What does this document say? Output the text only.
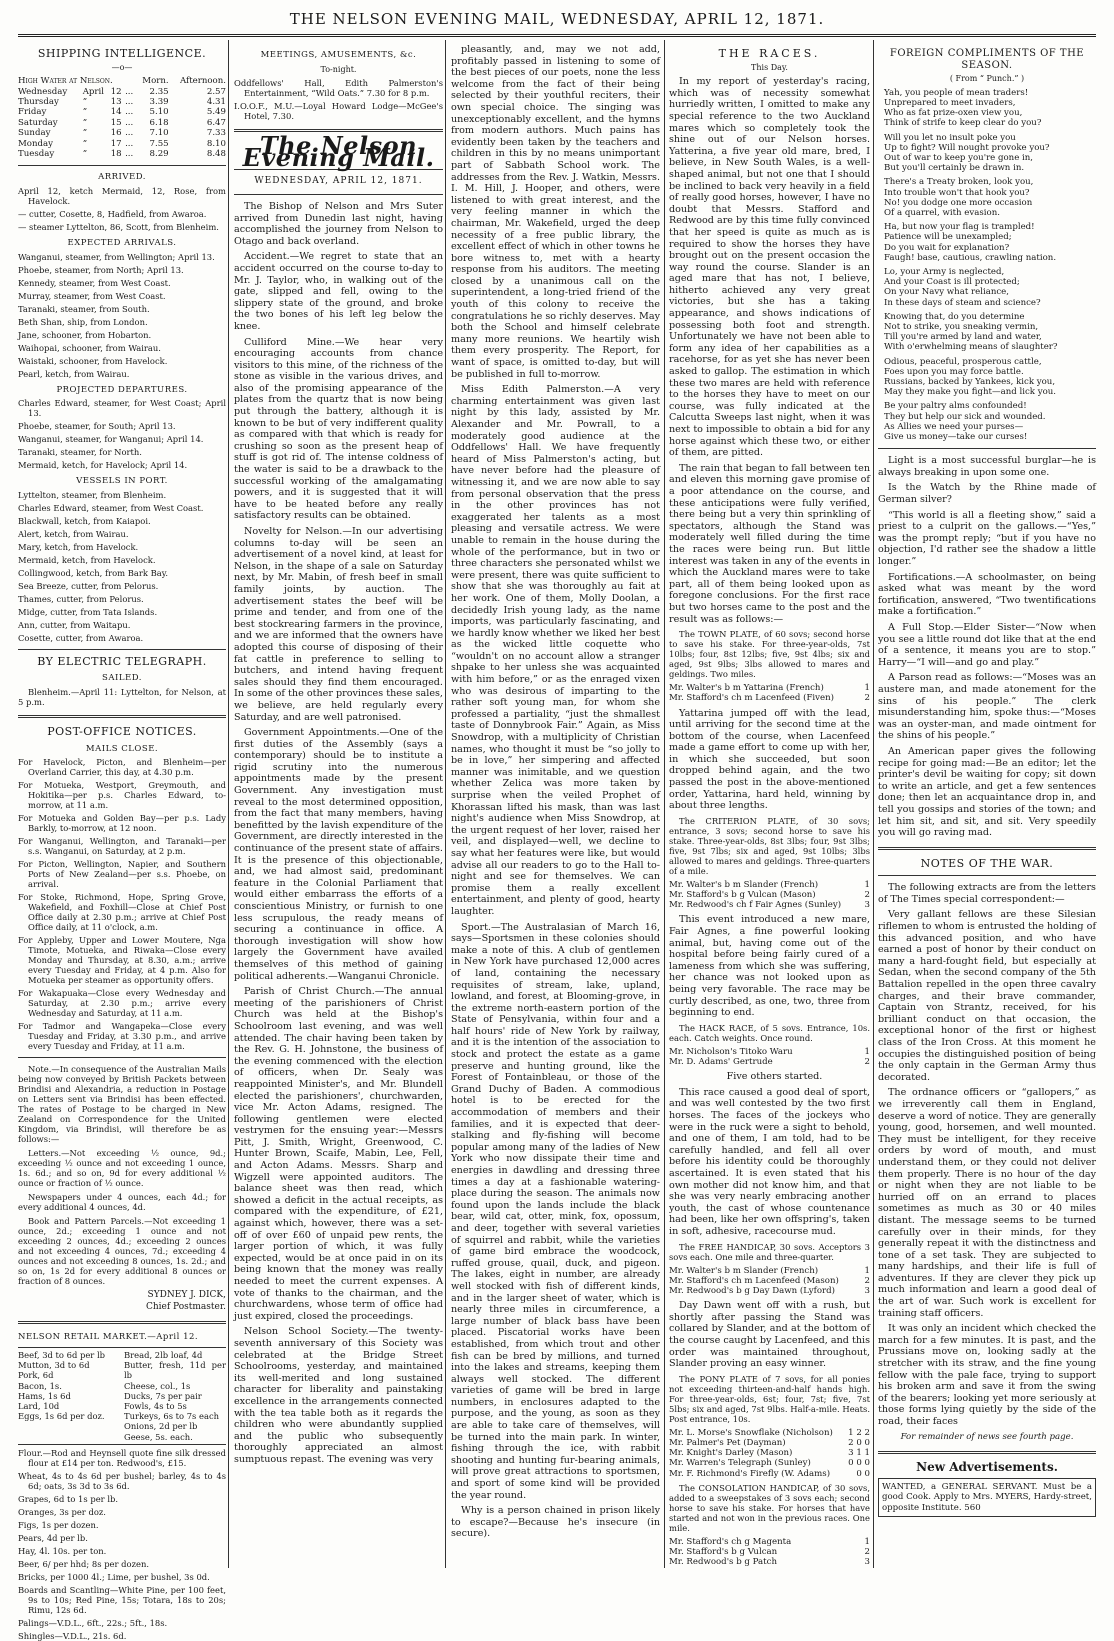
THE NELSON EVENING MAIL, WEDNESDAY, APRIL 12, 1871.
SHIPPING INTELLIGENCE.
—o—
High Water at Nelson.				Morn.	Afternoon.
Wednesday	April	12	...	2.35	2.57
Thursday	”	13	...	3.39	4.31
Friday	”	14	...	5.10	5.49
Saturday	”	15	...	6.18	6.47
Sunday	”	16	...	7.10	7.33
Monday	”	17	...	7.55	8.10
Tuesday	”	18	...	8.29	8.48
ARRIVED.
April 12, ketch Mermaid, 12, Rose, from Havelock.
— cutter, Cosette, 8, Hadfield, from Awaroa.
— steamer Lyttelton, 86, Scott, from Blenheim.
EXPECTED ARRIVALS.
Wanganui, steamer, from Wellington; April 13.
Phoebe, steamer, from North; April 13.
Kennedy, steamer, from West Coast.
Murray, steamer, from West Coast.
Taranaki, steamer, from South.
Beth Shan, ship, from London.
Jane, schooner, from Hobarton.
Waihopai, schooner, from Wairau.
Waistaki, schooner, from Havelock.
Pearl, ketch, from Wairau.
PROJECTED DEPARTURES.
Charles Edward, steamer, for West Coast; April 13.
Phoebe, steamer, for South; April 13.
Wanganui, steamer, for Wanganui; April 14.
Taranaki, steamer, for North.
Mermaid, ketch, for Havelock; April 14.
VESSELS IN PORT.
Lyttelton, steamer, from Blenheim.
Charles Edward, steamer, from West Coast.
Blackwall, ketch, from Kaiapoi.
Alert, ketch, from Wairau.
Mary, ketch, from Havelock.
Mermaid, ketch, from Havelock.
Collingwood, ketch, from Bark Bay.
Sea Breeze, cutter, from Pelorus.
Thames, cutter, from Pelorus.
Midge, cutter, from Tata Islands.
Ann, cutter, from Waitapu.
Cosette, cutter, from Awaroa.
BY ELECTRIC TELEGRAPH.
SAILED.

Blenheim.—April 11: Lyttelton, for Nelson, at 5 p.m.

POST-OFFICE NOTICES.
MAILS CLOSE.
For Havelock, Picton, and Blenheim—per Overland Carrier, this day, at 4.30 p.m.
For Motueka, Westport, Greymouth, and Hokitika—per p.s. Charles Edward, to-morrow, at 11 a.m.
For Motueka and Golden Bay—per p.s. Lady Barkly, to-morrow, at 12 noon.
For Wanganui, Wellington, and Taranaki—per s.s. Wanganui, on Saturday, at 2 p.m.
For Picton, Wellington, Napier, and Southern Ports of New Zealand—per s.s. Phoebe, on arrival.
For Stoke, Richmond, Hope, Spring Grove, Wakefield, and Foxhill—Close at Chief Post Office daily at 2.30 p.m.; arrive at Chief Post Office daily, at 11 o'clock, a.m.
For Appleby, Upper and Lower Moutere, Nga Timote, Motueka, and Riwaka—Close every Monday and Thursday, at 8.30, a.m.; arrive every Tuesday and Friday, at 4 p.m. Also for Motueka per steamer as opportunity offers.
For Wakapuaka—Close every Wednesday and Saturday, at 2.30 p.m.; arrive every Wednesday and Saturday, at 11 a.m.
For Tadmor and Wangapeka—Close every Tuesday and Friday, at 3.30 p.m., and arrive every Tuesday and Friday, at 11 a.m.

Note.—In consequence of the Australian Mails being now conveyed by British Packets between Brindisi and Alexandria, a reduction in Postage on Letters sent via Brindisi has been effected. The rates of Postage to be charged in New Zealand on Correspondence for the United Kingdom, via Brindisi, will therefore be as follows:—

Letters.—Not exceeding ½ ounce, 9d.; exceeding ½ ounce and not exceeding 1 ounce, 1s. 6d.; and so on, 9d for every additional ½ ounce or fraction of ½ ounce.

Newspapers under 4 ounces, each 4d.; for every additional 4 ounces, 4d.

Book and Pattern Parcels.—Not exceeding 1 ounce, 2d.; exceeding 1 ounce and not exceeding 2 ounces, 4d.; exceeding 2 ounces and not exceeding 4 ounces, 7d.; exceeding 4 ounces and not exceeding 8 ounces, 1s. 2d.; and so on, 1s 2d for every additional 8 ounces or fraction of 8 ounces.

SYDNEY J. DICK,
Chief Postmaster.
NELSON RETAIL MARKET.—April 12.
Beef, 3d to 6d per lb
Mutton, 3d to 6d
Pork, 6d
Bacon, 1s.
Hams, 1s 6d
Lard, 10d
Eggs, 1s 6d per doz.
Bread, 2lb loaf, 4d
Butter, fresh, 11d per lb
Cheese, col., 1s
Ducks, 7s per pair
Fowls, 4s to 5s
Turkeys, 6s to 7s each
Onions, 2d per lb
Geese, 5s. each.
Flour.—Rod and Heynsell quote fine silk dressed flour at £14 per ton. Redwood's, £15.
Wheat, 4s to 4s 6d per bushel; barley, 4s to 4s 6d; oats, 3s 3d to 3s 6d.
Grapes, 6d to 1s per lb.
Oranges, 3s per doz.
Figs, 1s per dozen.
Pears, 4d per lb.
Hay, 4l. 10s. per ton.
Beer, 6/ per hhd; 8s per dozen.
Bricks, per 1000 4l.; Lime, per bushel, 3s 0d.
Boards and Scantling—White Pine, per 100 feet, 9s to 10s; Red Pine, 15s; Totara, 18s to 20s; Rimu, 12s 6d.
Palings—V.D.L., 6ft., 22s.; 5ft., 18s.
Shingles—V.D.L., 21s. 6d.
MEETINGS, AMUSEMENTS, &c.
To-night.
Oddfellows' Hall, Edith Palmerston's Entertainment, “Wild Oats.” 7.30 for 8 p.m.
I.O.O.F., M.U.—Loyal Howard Lodge—McGee's Hotel, 7.30.
The Nelson Evening Mail.
WEDNESDAY, APRIL 12, 1871.

The Bishop of Nelson and Mrs Suter arrived from Dunedin last night, having accomplished the journey from Nelson to Otago and back overland.

Accident.—We regret to state that an accident occurred on the course to-day to Mr. J. Taylor, who, in walking out of the gate, slipped and fell, owing to the slippery state of the ground, and broke the two bones of his left leg below the knee.

Culliford Mine.—We hear very encouraging accounts from chance visitors to this mine, of the richness of the stone as visible in the various drives, and also of the promising appearance of the plates from the quartz that is now being put through the battery, although it is known to be but of very indifferent quality as compared with that which is ready for crushing so soon as the present heap of stuff is got rid of. The intense coldness of the water is said to be a drawback to the successful working of the amalgamating powers, and it is suggested that it will have to be heated before any really satisfactory results can be obtained.

Novelty for Nelson.—In our advertising columns to-day will be seen an advertisement of a novel kind, at least for Nelson, in the shape of a sale on Saturday next, by Mr. Mabin, of fresh beef in small family joints, by auction. The advertisement states the beef will be prime and tender, and from one of the best stockrearing farmers in the province, and we are informed that the owners have adopted this course of disposing of their fat cattle in preference to selling to butchers, and intend having frequent sales should they find them encouraged. In some of the other provinces these sales, we believe, are held regularly every Saturday, and are well patronised.

Government Appointments.—One of the first duties of the Assembly (says a contemporary) should be to institute a rigid scrutiny into the numerous appointments made by the present Government. Any investigation must reveal to the most determined opposition, from the fact that many members, having benefitted by the lavish expenditure of the Government, are directly interested in the continuance of the present state of affairs. It is the presence of this objectionable, and, we had almost said, predominant feature in the Colonial Parliament that would either embarrass the efforts of a conscientious Ministry, or furnish to one less scrupulous, the ready means of securing a continuance in office. A thorough investigation will show how largely the Government have availed themselves of this method of gaining political adherents.—Wanganui Chronicle.

Parish of Christ Church.—The annual meeting of the parishioners of Christ Church was held at the Bishop's Schoolroom last evening, and was well attended. The chair having been taken by the Rev. G. H. Johnstone, the business of the evening commenced with the election of officers, when Dr. Sealy was reappointed Minister's, and Mr. Blundell elected the parishioners', churchwarden, vice Mr. Acton Adams, resigned. The following gentlemen were elected vestrymen for the ensuing year:—Messrs Pitt, J. Smith, Wright, Greenwood, C. Hunter Brown, Scaife, Mabin, Lee, Fell, and Acton Adams. Messrs. Sharp and Wigzell were appointed auditors. The balance sheet was then read, which showed a deficit in the actual receipts, as compared with the expenditure, of £21, against which, however, there was a set-off of over £60 of unpaid pew rents, the larger portion of which, it was fully expected, would be at once paid in on its being known that the money was really needed to meet the current expenses. A vote of thanks to the chairman, and the churchwardens, whose term of office had just expired, closed the proceedings.

Nelson School Society.—The twenty-seventh anniversary of this Society was celebrated at the Bridge Street Schoolrooms, yesterday, and maintained its well-merited and long sustained character for liberality and painstaking excellence in the arrangements connected with the tea table both as it regards the children who were abundantly supplied and the public who subsequently thoroughly appreciated an almost sumptuous repast. The evening was very

pleasantly, and, may we not add, profitably passed in listening to some of the best pieces of our poets, none the less welcome from the fact of their being selected by their youthful reciters, their own special choice. The singing was unexceptionably excellent, and the hymns from modern authors. Much pains has evidently been taken by the teachers and children in this by no means unimportant part of Sabbath School work. The addresses from the Rev. J. Watkin, Messrs. I. M. Hill, J. Hooper, and others, were listened to with great interest, and the very feeling manner in which the chairman, Mr. Wakefield, urged the deep necessity of a free public library, the excellent effect of which in other towns he bore witness to, met with a hearty response from his auditors. The meeting closed by a unanimous call on the superintendent, a long-tried friend of the youth of this colony to receive the congratulations he so richly deserves. May both the School and himself celebrate many more reunions. We heartily wish them every prosperity. The Report, for want of space, is omitted to-day, but will be published in full to-morrow.

Miss Edith Palmerston.—A very charming entertainment was given last night by this lady, assisted by Mr. Alexander and Mr. Powrall, to a moderately good audience at the Oddfellows' Hall. We have frequently heard of Miss Palmerston's acting, but have never before had the pleasure of witnessing it, and we are now able to say from personal observation that the press in the other provinces has not exaggerated her talents as a most pleasing and versatile actress. We were unable to remain in the house during the whole of the performance, but in two or three characters she personated whilst we were present, there was quite sufficient to show that she was thoroughly au fait at her work. One of them, Molly Doolan, a decidedly Irish young lady, as the name imports, was particularly fascinating, and we hardly know whether we liked her best as the wicked little coquette who “wouldn't on no account allow a stranger shpake to her unless she was acquainted with him before,” or as the enraged vixen who was desirous of imparting to the rather soft young man, for whom she professed a partiality, “just the shmallest taste of Donnybrook Fair.” Again, as Miss Snowdrop, with a multiplicity of Christian names, who thought it must be “so jolly to be in love,” her simpering and affected manner was inimitable, and we question whether Zelica was more taken by surprise when the veiled Prophet of Khorassan lifted his mask, than was last night's audience when Miss Snowdrop, at the urgent request of her lover, raised her veil, and displayed—well, we decline to say what her features were like, but would advise all our readers to go to the Hall to-night and see for themselves. We can promise them a really excellent entertainment, and plenty of good, hearty laughter.

Sport.—The Australasian of March 16, says—Sportsmen in these colonies should make a note of this. A club of gentlemen in New York have purchased 12,000 acres of land, containing the necessary requisites of stream, lake, upland, lowland, and forest, at Blooming-grove, in the extreme north-eastern portion of the State of Pensylvania, within four and a half hours' ride of New York by railway, and it is the intention of the association to stock and protect the estate as a game preserve and hunting ground, like the Forest of Fontainbleau, or those of the Grand Duchy of Baden. A commodious hotel is to be erected for the accommodation of members and their families, and it is expected that deer-stalking and fly-fishing will become popular among many of the ladies of New York who now dissipate their time and energies in dawdling and dressing three times a day at a fashionable watering-place during the season. The animals now found upon the lands include the black bear, wild cat, otter, mink, fox, opossum, and deer, together with several varieties of squirrel and rabbit, while the varieties of game bird embrace the woodcock, ruffed grouse, quail, duck, and pigeon. The lakes, eight in number, are already well stocked with fish of different kinds, and in the larger sheet of water, which is nearly three miles in circumference, a large number of black bass have been placed. Piscatorial works have been established, from which trout and other fish can be bred by millions, and turned into the lakes and streams, keeping them always well stocked. The different varieties of game will be bred in large numbers, in enclosures adapted to the purpose, and the young, as soon as they are able to take care of themselves, will be turned into the main park. In winter, fishing through the ice, with rabbit shooting and hunting fur-bearing animals, will prove great attractions to sportsmen, and sport of some kind will be provided the year round.

Why is a person chained in prison likely to escape?—Because he's insecure (in secure).

THE RACES.
This Day.

In my report of yesterday's racing, which was of necessity somewhat hurriedly written, I omitted to make any special reference to the two Auckland mares which so completely took the shine out of our Nelson horses. Yatterina, a five year old mare, bred, I believe, in New South Wales, is a well-shaped animal, but not one that I should be inclined to back very heavily in a field of really good horses, however, I have no doubt that Messrs. Stafford and Redwood are by this time fully convinced that her speed is quite as much as is required to show the horses they have brought out on the present occasion the way round the course. Slander is an aged mare that has not, I believe, hitherto achieved any very great victories, but she has a taking appearance, and shows indications of possessing both foot and strength. Unfortunately we have not been able to form any idea of her capabilities as a racehorse, for as yet she has never been asked to gallop. The estimation in which these two mares are held with reference to the horses they have to meet on our course, was fully indicated at the Calcutta Sweeps last night, when it was next to impossible to obtain a bid for any horse against which these two, or either of them, are pitted.

The rain that began to fall between ten and eleven this morning gave promise of a poor attendance on the course, and these anticipations were fully verified, there being but a very thin sprinkling of spectators, although the Stand was moderately well filled during the time the races were being run. But little interest was taken in any of the events in which the Auckland mares were to take part, all of them being looked upon as foregone conclusions. For the first race but two horses came to the post and the result was as follows:—

The TOWN PLATE, of 60 sovs; second horse to save his stake. For three-year-olds, 7st 10lbs; four, 8st 12lbs; five, 9st 4lbs; six and aged, 9st 9lbs; 3lbs allowed to mares and geldings. Two miles.

Mr. Walter's b m Yattarina (French)	1
Mr. Stafford's ch m Lacenfeed (Fiven)	2

Yattarina jumped off with the lead, until arriving for the second time at the bottom of the course, when Lacenfeed made a game effort to come up with her, in which she succeeded, but soon dropped behind again, and the two passed the post in the above-mentioned order, Yattarina, hard held, winning by about three lengths.

The CRITERION PLATE, of 30 sovs; entrance, 3 sovs; second horse to save his stake. Three-year-olds, 8st 3lbs; four, 9st 3lbs; five, 9st 7lbs; six and aged, 9st 10lbs; 3lbs allowed to mares and geldings. Three-quarters of a mile.

Mr. Walter's b m Slander (French)	1
Mr. Stafford's b g Vulcan (Mason)	2
Mr. Redwood's ch f Fair Agnes (Sunley)	3

This event introduced a new mare, Fair Agnes, a fine powerful looking animal, but, having come out of the hospital before being fairly cured of a lameness from which she was suffering, her chance was not looked upon as being very favorable. The race may be curtly described, as one, two, three from beginning to end.

The HACK RACE, of 5 sovs. Entrance, 10s. each. Catch weights. Once round.

Mr. Nicholson's Titoko Waru	1
Mr. D. Adams' Gertrude	2

Five others started.

This race caused a good deal of sport, and was well contested by the two first horses. The faces of the jockeys who were in the ruck were a sight to behold, and one of them, I am told, had to be carefully handled, and fell all over before his identity could be thoroughly ascertained. It is even stated that his own mother did not know him, and that she was very nearly embracing another youth, the cast of whose countenance had been, like her own offspring's, taken in soft, adhesive, racecourse mud.

The FREE HANDICAP, 30 sovs. Acceptors 3 sovs each. One mile and three-quarter.

Mr. Walter's b m Slander (French)	1
Mr. Stafford's ch m Lacenfeed (Mason)	2
Mr. Redwood's b g Day Dawn (Lyford)	3

Day Dawn went off with a rush, but shortly after passing the Stand was collared by Slander, and at the bottom of the course caught by Lacenfeed, and this order was maintained throughout, Slander proving an easy winner.

The PONY PLATE of 7 sovs, for all ponies not exceeding thirteen-and-half hands high. For three-year-olds, 6st; four, 7st; five, 7st 5lbs; six and aged, 7st 9lbs. Half-a-mile. Heats. Post entrance, 10s.

Mr. L. Morse's Snowflake (Nicholson) 1 2 2
Mr. Palmer's Pet (Dayman)	2 0 0
Mr. Knight's Darley (Mason)	3 1 1
Mr. Warren's Telegraph (Sunley)	0 0 0
Mr. F. Richmond's Firefly (W. Adams)	0 0

The CONSOLATION HANDICAP, of 30 sovs, added to a sweepstakes of 3 sovs each; second horse to save his stake. For horses that have started and not won in the previous races. One mile.

Mr. Stafford's ch g Magenta	1
Mr. Stafford's b g Vulcan	2
Mr. Redwood's b g Patch	3
FOREIGN COMPLIMENTS OF THE SEASON.
( From “ Punch.” )
Yah, you people of mean traders!
Unprepared to meet invaders,
Who as fat prize-oxen view you,
Think of strife to keep clear do you?
Will you let no insult poke you
Up to fight? Will nought provoke you?
Out of war to keep you're gone in,
But you'll certainly be drawn in.
There's a Treaty broken, look you,
Into trouble won't that hook you?
No! you dodge one more occasion
Of a quarrel, with evasion.
Ha, but now your flag is trampled!
Patience will be unexampled;
Do you wait for explanation?
Faugh! base, cautious, crawling nation.
Lo, your Army is neglected,
And your Coast is ill protected;
On your Navy what reliance,
In these days of steam and science?
Knowing that, do you determine
Not to strike, you sneaking vermin,
Till you're armed by land and water,
With o'erwhelming means of slaughter?
Odious, peaceful, prosperous cattle,
Foes upon you may force battle.
Russians, backed by Yankees, kick you,
May they make you fight—and lick you.
Be your paltry alms confounded!
They but help our sick and wounded.
As Allies we need your purses—
Give us money—take our curses!

Light is a most successful burglar—he is always breaking in upon some one.

Is the Watch by the Rhine made of German silver?

“This world is all a fleeting show,” said a priest to a culprit on the gallows.—“Yes,” was the prompt reply; “but if you have no objection, I'd rather see the shadow a little longer.”

Fortifications.—A schoolmaster, on being asked what was meant by the word fortification, answered, “Two twentifications make a fortification.”

A Full Stop.—Elder Sister—“Now when you see a little round dot like that at the end of a sentence, it means you are to stop.” Harry—“I will—and go and play.”

A Parson read as follows:—“Moses was an austere man, and made atonement for the sins of his people.” The clerk misunderstanding him, spoke thus:—“Moses was an oyster-man, and made ointment for the shins of his people.”

An American paper gives the following recipe for going mad:—Be an editor; let the printer's devil be waiting for copy; sit down to write an article, and get a few sentences done; then let an acquaintance drop in, and tell you gossips and stories of the town; and let him sit, and sit, and sit. Very speedily you will go raving mad.

NOTES OF THE WAR.

The following extracts are from the letters of The Times special correspondent:—

Very gallant fellows are these Silesian riflemen to whom is entrusted the holding of this advanced position, and who have earned a post of honor by their conduct on many a hard-fought field, but especially at Sedan, when the second company of the 5th Battalion repelled in the open three cavalry charges, and their brave commander, Captain von Strantz, received, for his brilliant conduct on that occasion, the exceptional honor of the first or highest class of the Iron Cross. At this moment he occupies the distinguished position of being the only captain in the German Army thus decorated.

The ordnance officers or “gallopers,” as we irreverently call them in England, deserve a word of notice. They are generally young, good, horsemen, and well mounted. They must be intelligent, for they receive orders by word of mouth, and must understand them, or they could not deliver them properly. There is no hour of the day or night when they are not liable to be hurried off on an errand to places sometimes as much as 30 or 40 miles distant. The message seems to be turned carefully over in their minds, for they generally repeat it with the distinctness and tone of a set task. They are subjected to many hardships, and their life is full of adventures. If they are clever they pick up much information and learn a good deal of the art of war. Such work is excellent for training staff officers.

It was only an incident which checked the march for a few minutes. It is past, and the Prussians move on, looking sadly at the stretcher with its straw, and the fine young fellow with the pale face, trying to support his broken arm and save it from the swing of the bearers; looking yet more seriously at those forms lying quietly by the side of the road, their faces

For remainder of news see fourth page.
New Advertisements.
WANTED, a GENERAL SERVANT. Must be a good Cook. Apply to Mrs. MYERS, Hardy-street, opposite Institute. 560
